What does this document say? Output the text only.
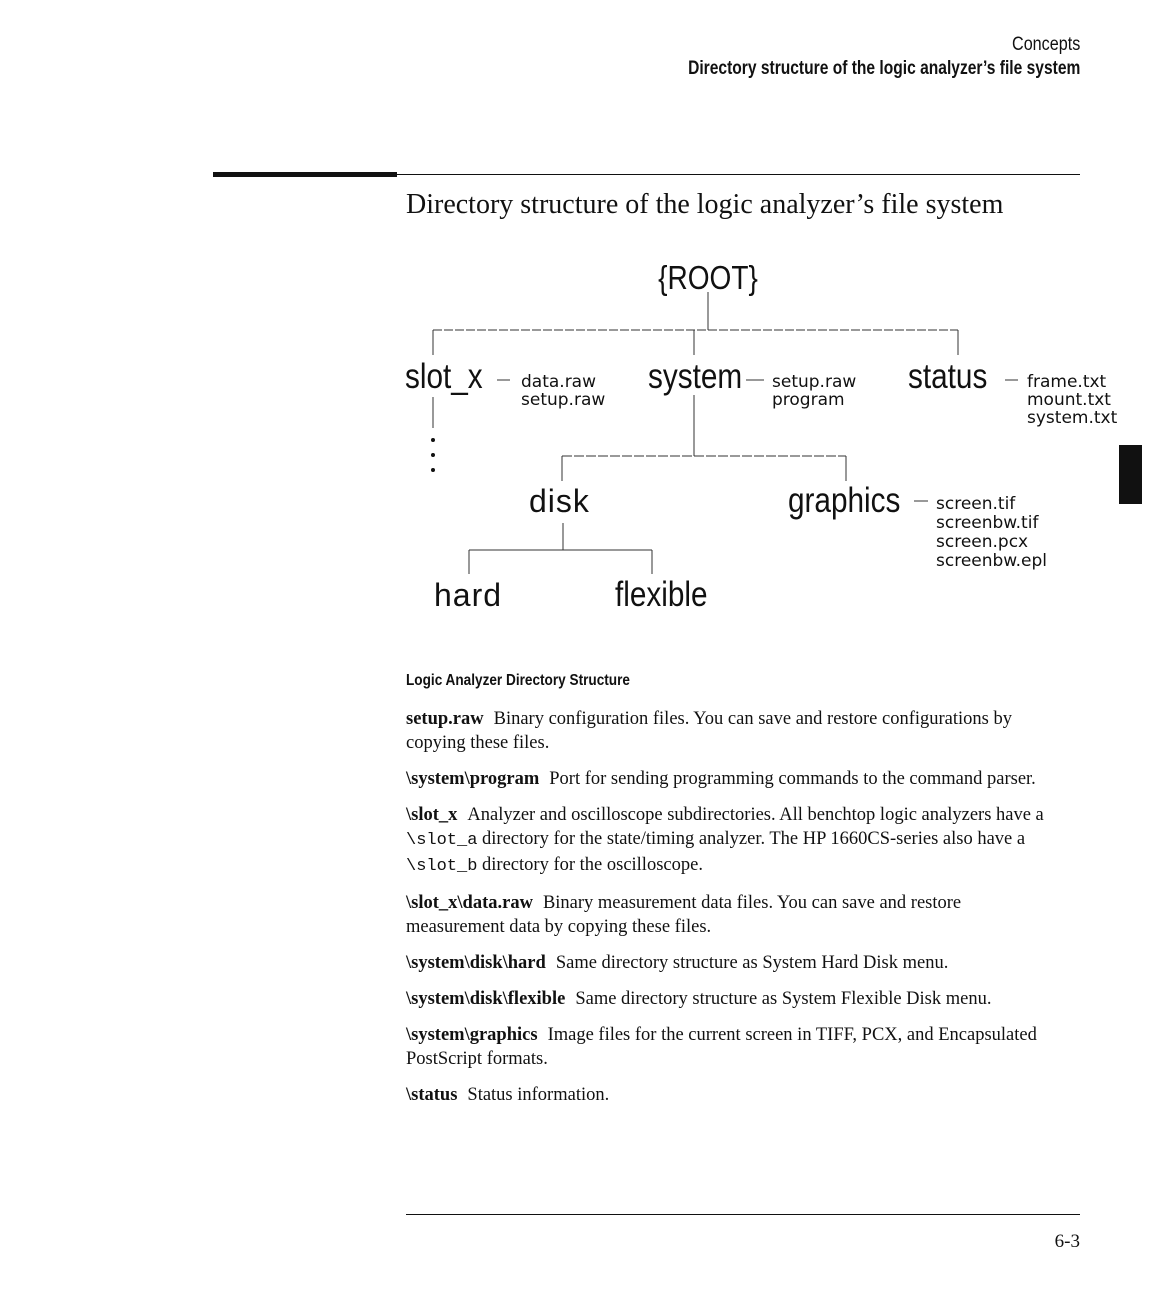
Concepts
Directory structure of the logic analyzer’s file system
Directory structure of the logic analyzer’s file system
{ROOT}
slot_x data.raw
setup.raw
system setup.raw
program
status frame.txt
mount.txt
system.txt
disk	graphics screen.tif
screenbw.tif
screen.pcx
screenbw.epl
hard	flexible
Logic Analyzer Directory Structure

setup.raw Binary configuration files. You can save and restore configurations by copying these files.

\system\program Port for sending programming commands to the command parser.

\slot_x Analyzer and oscilloscope subdirectories. All benchtop logic analyzers have a \slot_a directory for the state/timing analyzer. The HP 1660CS-series also have a \slot_b directory for the oscilloscope.

\slot_x\data.raw Binary measurement data files. You can save and restore measurement data by copying these files.

\system\disk\hard Same directory structure as System Hard Disk menu.

\system\disk\flexible Same directory structure as System Flexible Disk menu.

\system\graphics Image files for the current screen in TIFF, PCX, and Encapsulated PostScript formats.

\status Status information.

6-3
